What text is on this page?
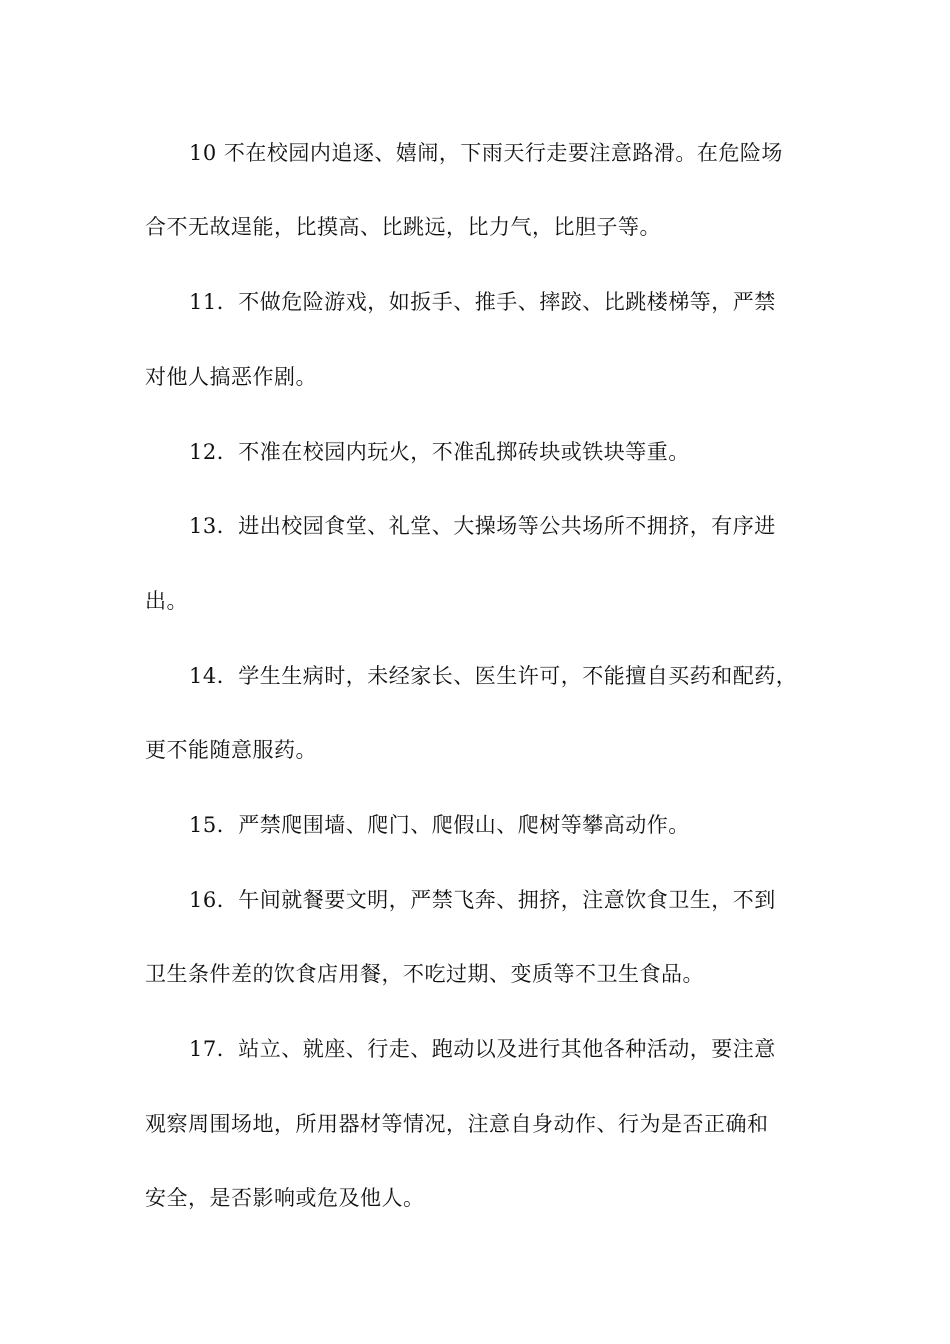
10 不在校园内追逐、嬉闹，下雨天行走要注意路滑。在危险场
合不无故逞能，比摸高、比跳远，比力气，比胆子等。
11．不做危险游戏，如扳手、推手、摔跤、比跳楼梯等，严禁
对他人搞恶作剧。
12．不准在校园内玩火，不准乱掷砖块或铁块等重。
13．进出校园食堂、礼堂、大操场等公共场所不拥挤，有序进
出。
14．学生生病时，未经家长、医生许可，不能擅自买药和配药，
更不能随意服药。
15．严禁爬围墙、爬门、爬假山、爬树等攀高动作。
16．午间就餐要文明，严禁飞奔、拥挤，注意饮食卫生，不到
卫生条件差的饮食店用餐，不吃过期、变质等不卫生食品。
17．站立、就座、行走、跑动以及进行其他各种活动，要注意
观察周围场地，所用器材等情况，注意自身动作、行为是否正确和
安全，是否影响或危及他人。
